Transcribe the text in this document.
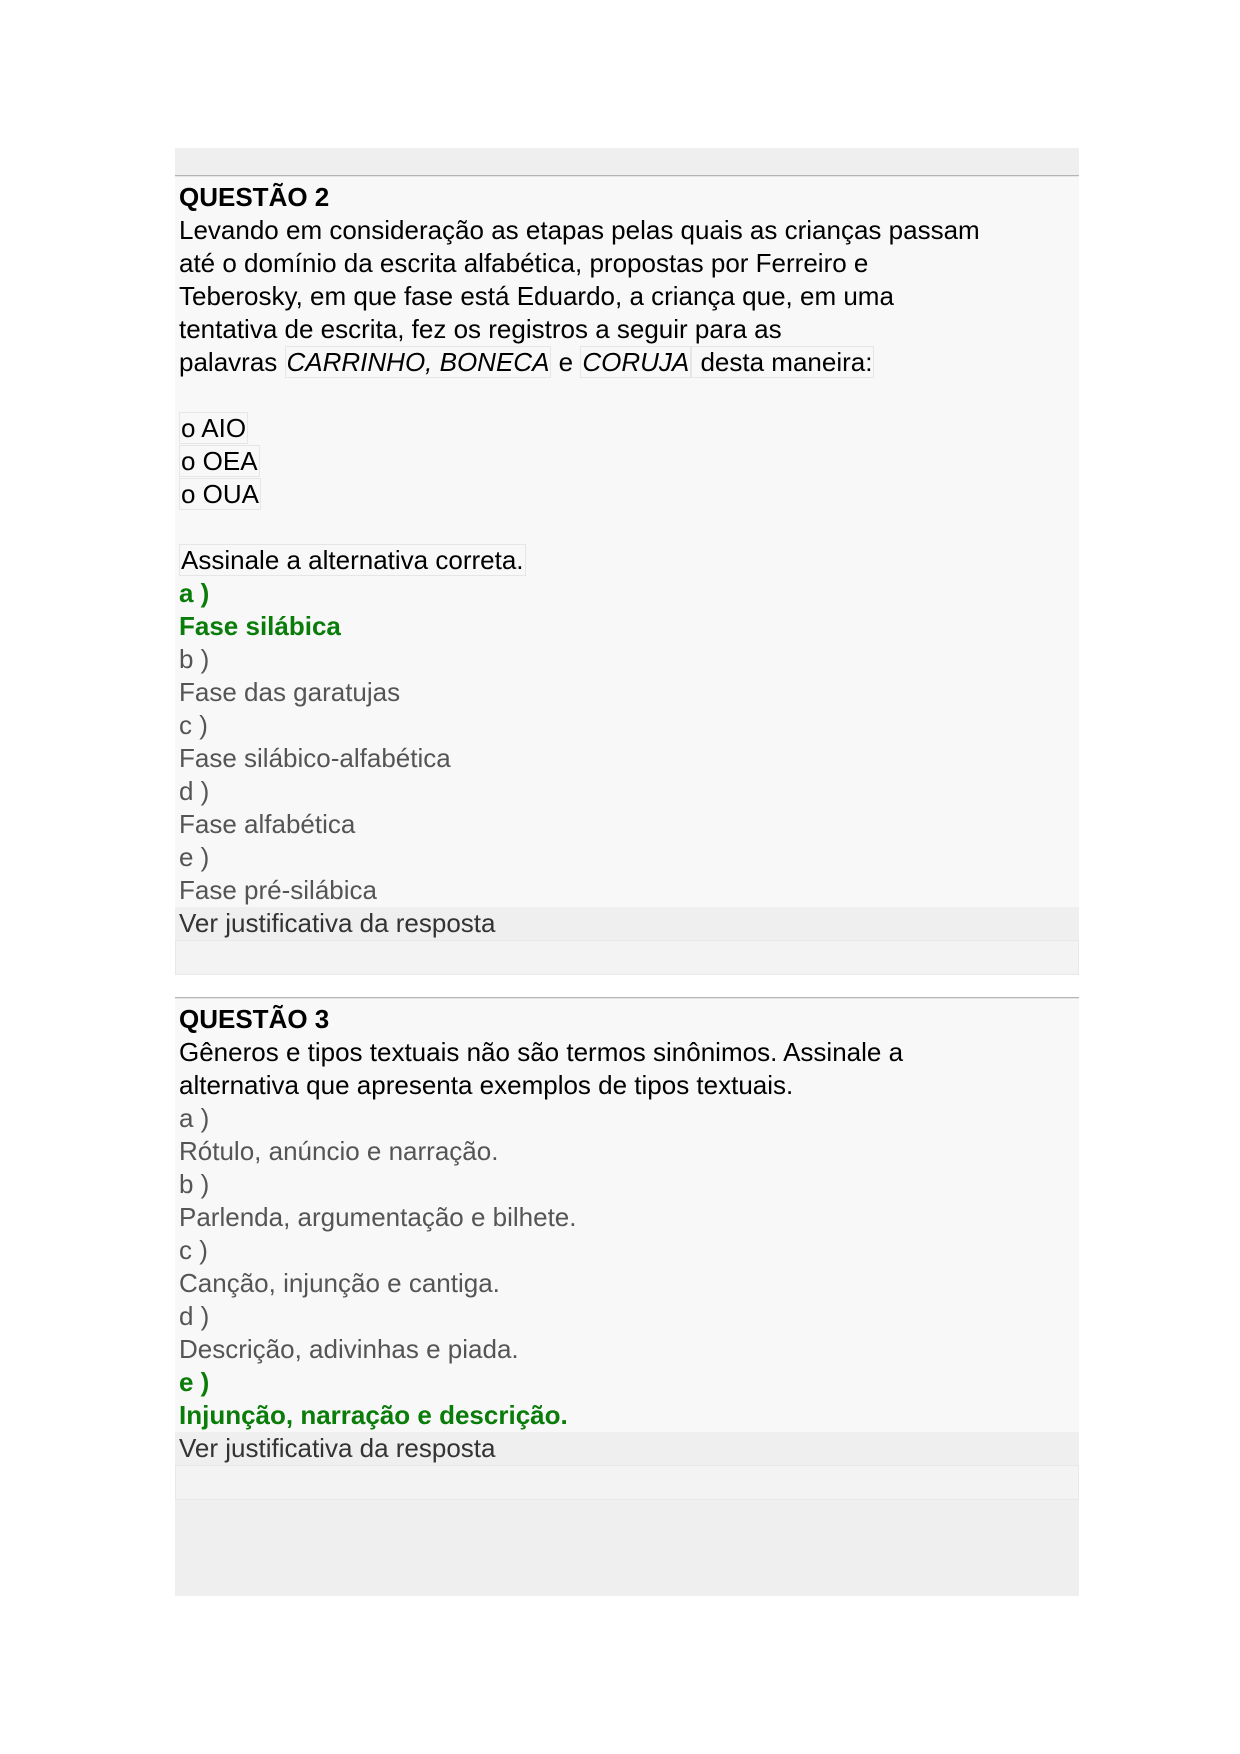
QUESTÃO 2
Levando em consideração as etapas pelas quais as crianças passam
até o domínio da escrita alfabética, propostas por Ferreiro e
Teberosky, em que fase está Eduardo, a criança que, em uma
tentativa de escrita, fez os registros a seguir para as
palavras CARRINHO, BONECA e CORUJA desta maneira:
o AIO
o OEA
o OUA
Assinale a alternativa correta.
a )
Fase silábica
b )
Fase das garatujas
c )
Fase silábico-alfabética
d )
Fase alfabética
e )
Fase pré-silábica
Ver justificativa da resposta
QUESTÃO 3
Gêneros e tipos textuais não são termos sinônimos. Assinale a
alternativa que apresenta exemplos de tipos textuais.
a )
Rótulo, anúncio e narração.
b )
Parlenda, argumentação e bilhete.
c )
Canção, injunção e cantiga.
d )
Descrição, adivinhas e piada.
e )
Injunção, narração e descrição.
Ver justificativa da resposta
